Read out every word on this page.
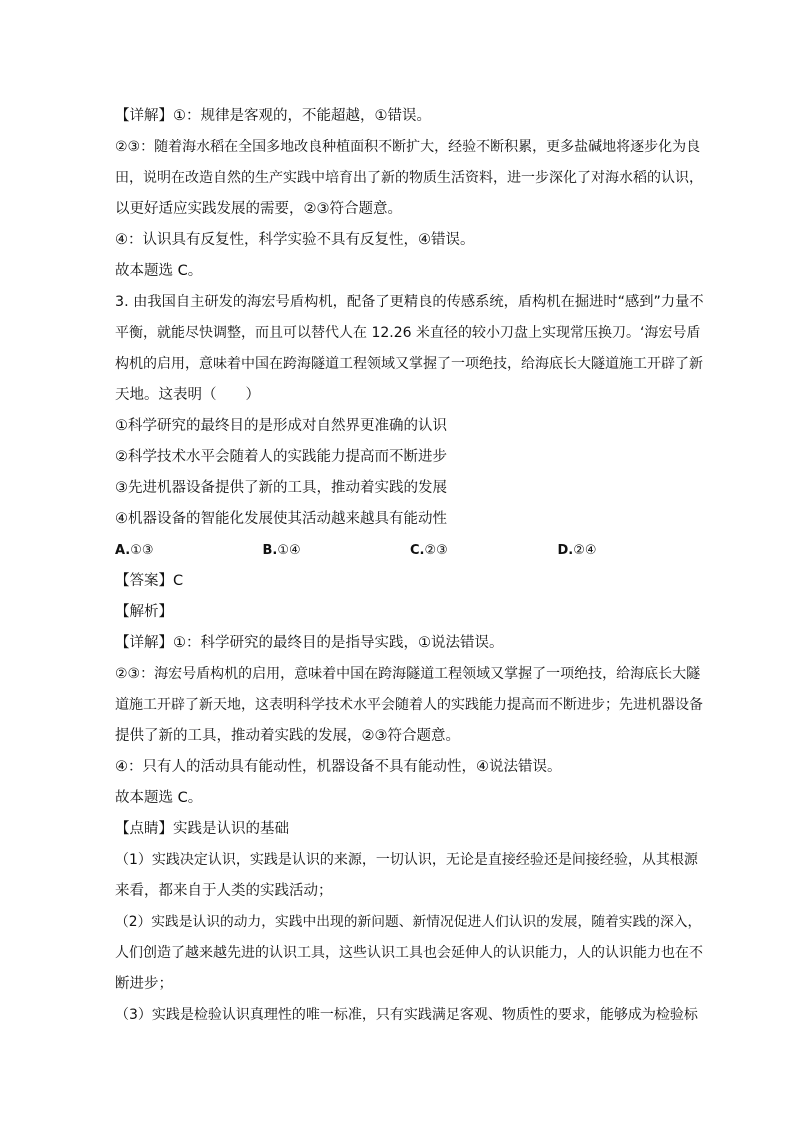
【详解】①：规律是客观的，不能超越，①错误。
②③：随着海水稻在全国多地改良种植面积不断扩大，经验不断积累，更多盐碱地将逐步化为良
田，说明在改造自然的生产实践中培育出了新的物质生活资料，进一步深化了对海水稻的认识，
以更好适应实践发展的需要，②③符合题意。
④：认识具有反复性，科学实验不具有反复性，④错误。
故本题选 C。
3. 由我国自主研发的海宏号盾构机，配备了更精良的传感系统，盾构机在掘进时“感到”力量不
平衡，就能尽快调整，而且可以替代人在 12.26 米直径的较小刀盘上实现常压换刀。‘海宏号盾
构机的启用，意味着中国在跨海隧道工程领域又掌握了一项绝技，给海底长大隧道施工开辟了新
天地。这表明（　　）
①科学研究的最终目的是形成对自然界更准确的认识
②科学技术水平会随着人的实践能力提高而不断进步
③先进机器设备提供了新的工具，推动着实践的发展
④机器设备的智能化发展使其活动越来越具有能动性
A.①③	B.①④	C.②③	D.②④
【答案】C
【解析】
【详解】①：科学研究的最终目的是指导实践，①说法错误。
②③：海宏号盾构机的启用，意味着中国在跨海隧道工程领域又掌握了一项绝技，给海底长大隧
道施工开辟了新天地，这表明科学技术水平会随着人的实践能力提高而不断进步；先进机器设备
提供了新的工具，推动着实践的发展，②③符合题意。
④：只有人的活动具有能动性，机器设备不具有能动性，④说法错误。
故本题选 C。
【点睛】实践是认识的基础
（1）实践决定认识，实践是认识的来源，一切认识，无论是直接经验还是间接经验，从其根源
来看，都来自于人类的实践活动；
（2）实践是认识的动力，实践中出现的新问题、新情况促进人们认识的发展，随着实践的深入，
人们创造了越来越先进的认识工具，这些认识工具也会延伸人的认识能力，人的认识能力也在不
断进步；
（3）实践是检验认识真理性的唯一标准，只有实践满足客观、物质性的要求，能够成为检验标
